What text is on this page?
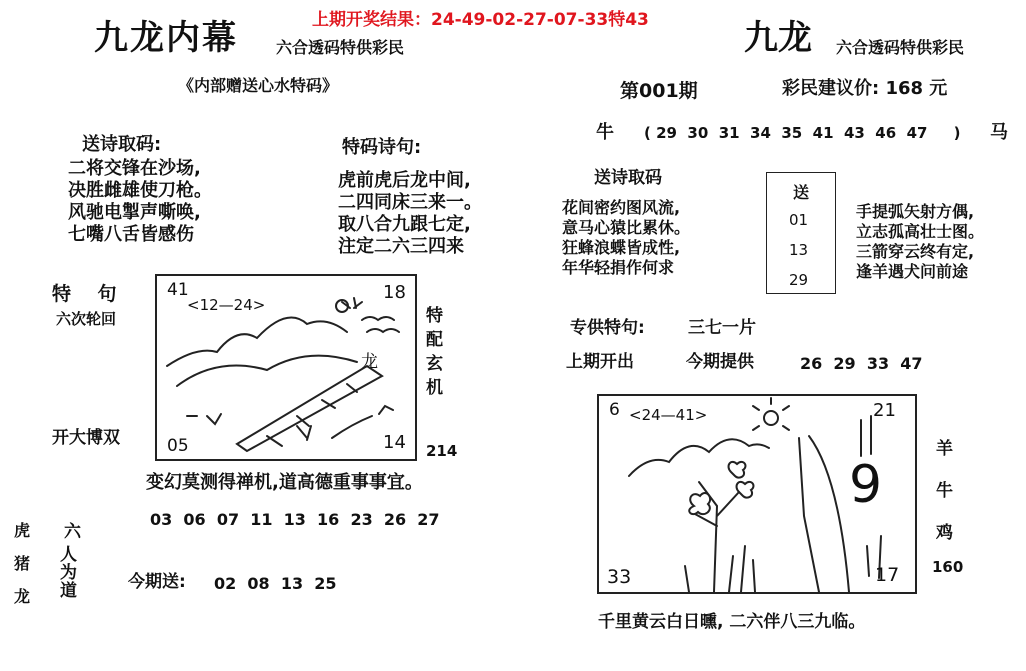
九龙内幕 六合透码特供彩民
上期开奖结果：24-49-02-27-07-33特43	九龙 六合透码特供彩民
《内部赠送心水特码》
送诗取码:
二将交锋在沙场,
决胜雌雄使刀枪。
风驰电掣声嘶唤,
七嘴八舌皆感伤
特码诗句:
虎前虎后龙中间,
二四同床三来一。
取八合九跟七定,
注定二六三四来
特    句
六次轮回
开大博双
41
<12—24>
18
龙
05	14
特
配
玄
机
214
变幻莫测得禅机,道高德重事事宜。
03  06  07  11  13  16  23  26  27
虎
猪
龙
六
人
为
道	今期送: 02  08  13  25
第001期	彩民建议价: 168 元
牛 ( 29  30  31  34  35  41  43  46  47     ) 马
送诗取码
花间密约图风流,
意马心猿比累休。
狂蜂浪蝶皆成性,
年华轻捐作何求
送
01
13
29
手提弧矢射方偶,
立志孤高壮士图。
三箭穿云终有定,
逢羊遇犬问前途
专供特句:	三七一片
上期开出	今期提供	26  29  33  47
6 <24—41>	21
9
33	17
羊
牛
鸡
160
千里黄云白日曛, 二六伴八三九临。
